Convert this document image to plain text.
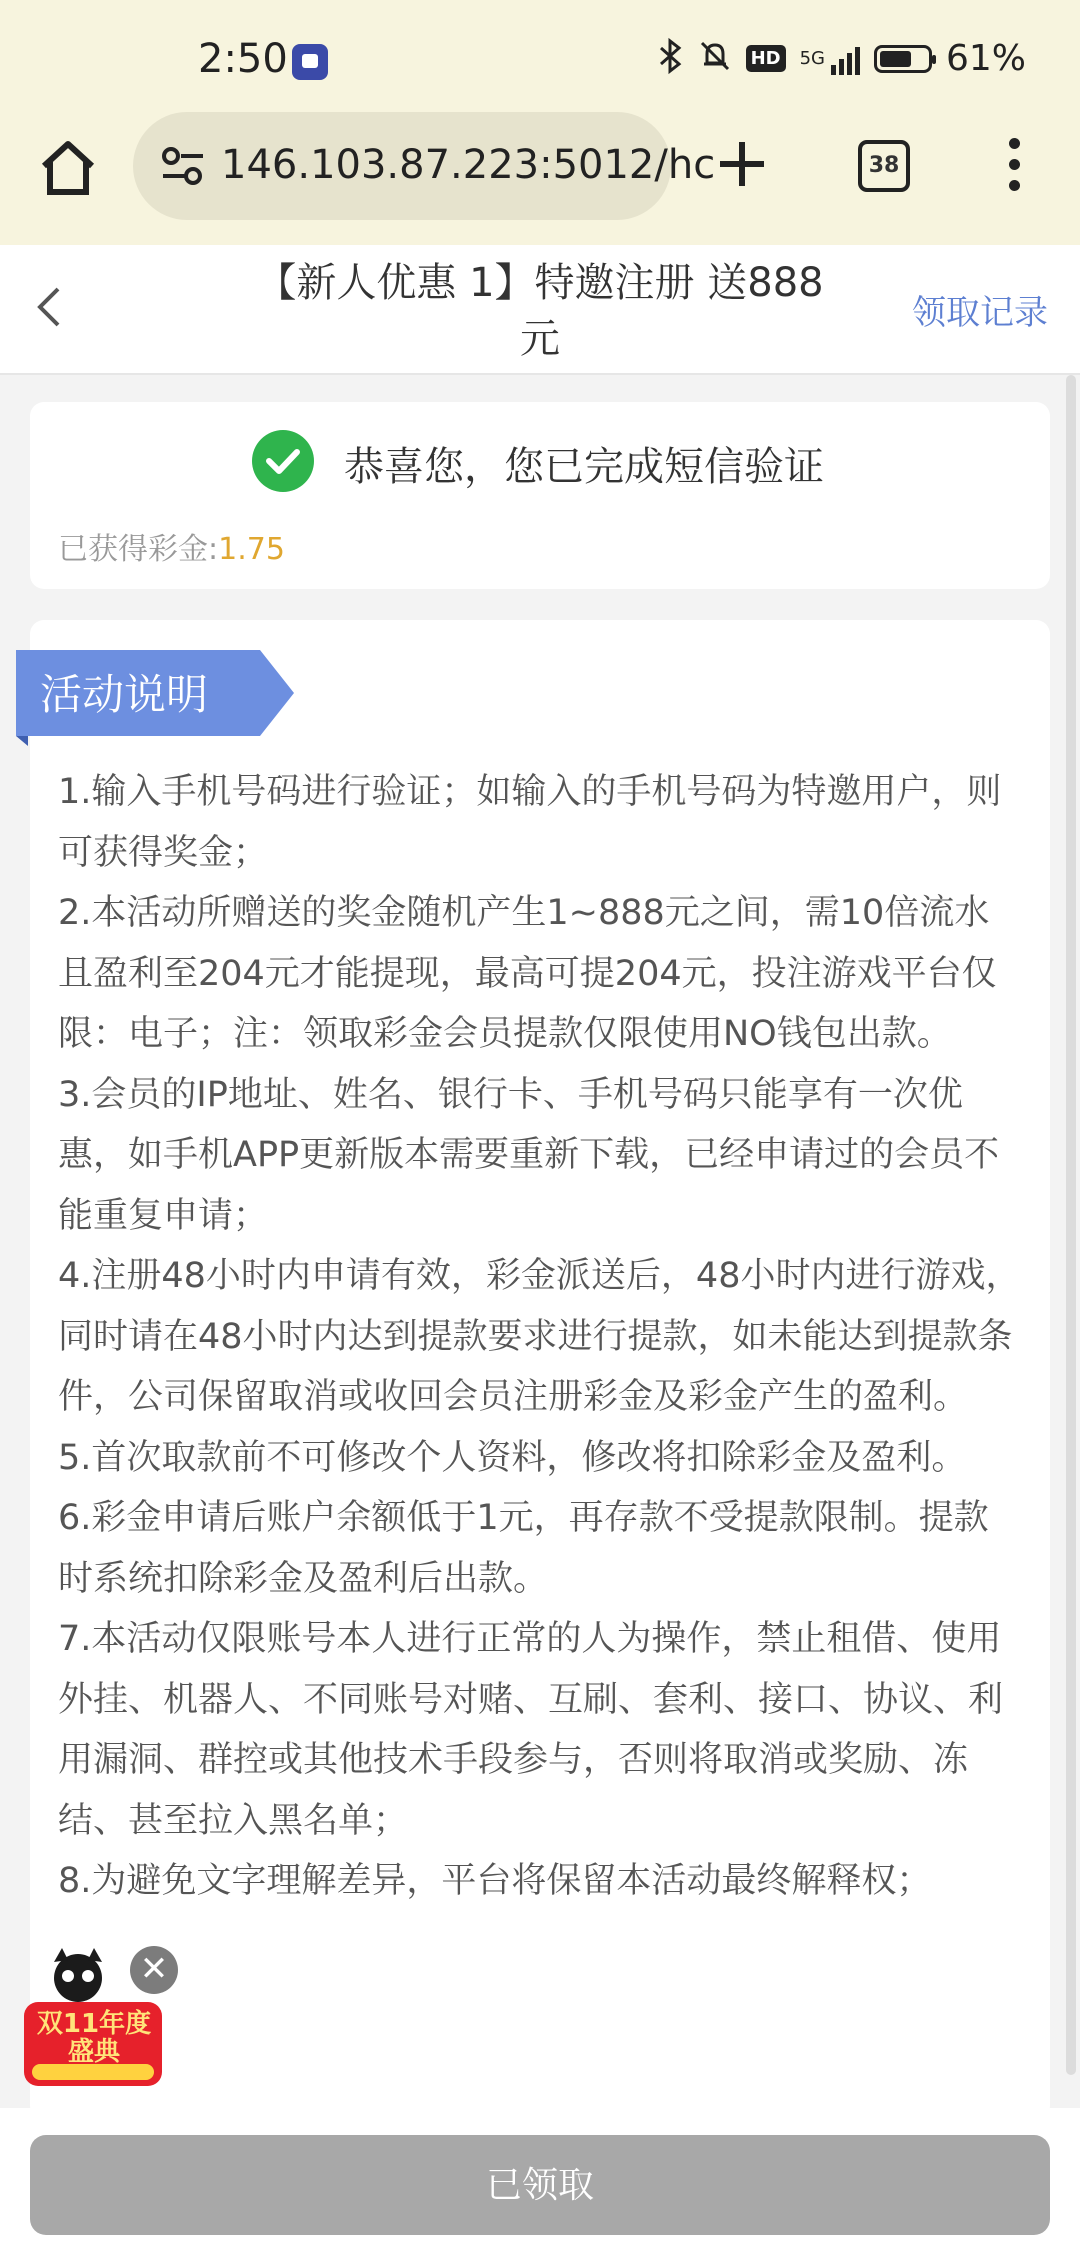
2:50	HD 5G	61%
146.103.87.223:5012/hc	38
【新人优惠 1】特邀注册 送888元
领取记录
恭喜您，您已完成短信验证
已获得彩金:1.75
活动说明

1.输入手机号码进行验证；如输入的手机号码为特邀用户，则可获得奖金；

2.本活动所赠送的奖金随机产生1~888元之间，需10倍流水且盈利至204元才能提现，最高可提204元，投注游戏平台仅限：电子；注：领取彩金会员提款仅限使用NO钱包出款。

3.会员的IP地址、姓名、银行卡、手机号码只能享有一次优惠，如手机APP更新版本需要重新下载，已经申请过的会员不能重复申请；

4.注册48小时内申请有效，彩金派送后，48小时内进行游戏，同时请在48小时内达到提款要求进行提款，如未能达到提款条件，公司保留取消或收回会员注册彩金及彩金产生的盈利。

5.首次取款前不可修改个人资料，修改将扣除彩金及盈利。

6.彩金申请后账户余额低于1元，再存款不受提款限制。提款时系统扣除彩金及盈利后出款。

7.本活动仅限账号本人进行正常的人为操作，禁止租借、使用外挂、机器人、不同账号对赌、互刷、套利、接口、协议、利用漏洞、群控或其他技术手段参与，否则将取消或奖励、冻结、甚至拉入黑名单；

8.为避免文字理解差异，平台将保留本活动最终解释权；

双11年度盛典
✕
已领取
